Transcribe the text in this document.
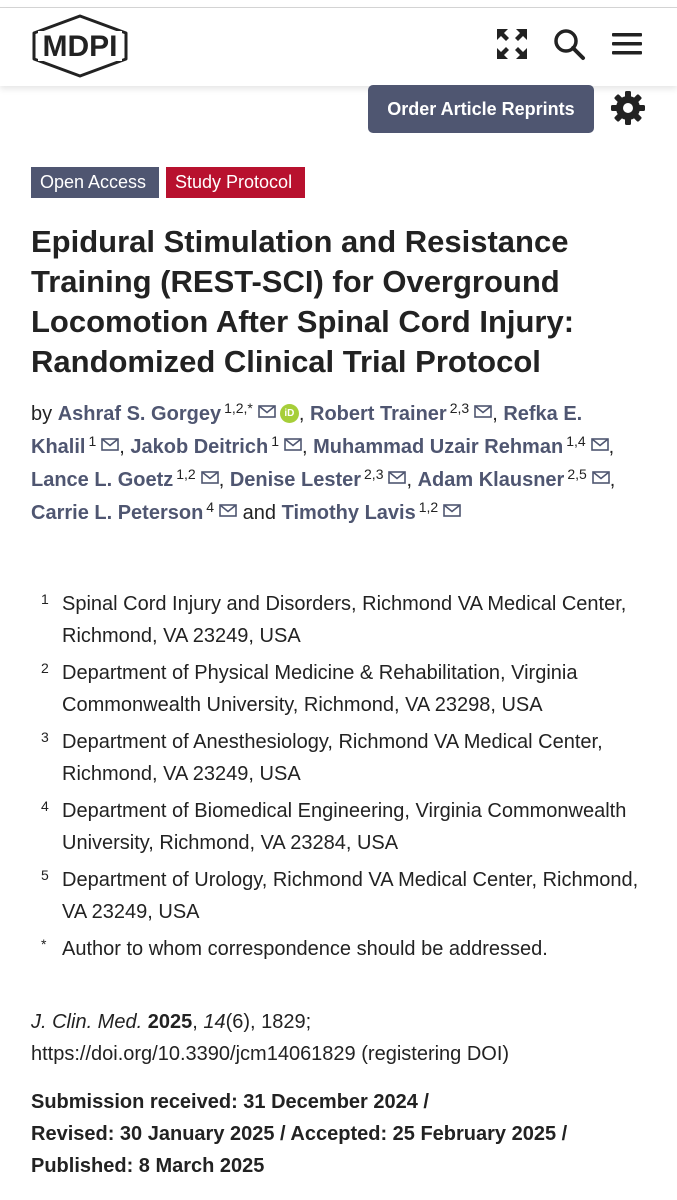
MDPI
Order Article Reprints
Open Access	Study Protocol
Epidural Stimulation and Resistance Training (REST-SCI) for Overground Locomotion After Spinal Cord Injury: Randomized Clinical Trial Protocol

by Ashraf S. Gorgey $^{1,2,*}$	iD , Robert Trainer $^{2,3}$ , Refka E. Khalil $^1$ , Jakob Deitrich $^1$ , Muhammad Uzair Rehman $^{1,4}$ , Lance L. Goetz $^{1,2}$ , Denise Lester $^{2,3}$ , Adam Klausner $^{2,5}$ , Carrie L. Peterson $^4$ and Timothy Lavis $^{1,2}$

1 Spinal Cord Injury and Disorders, Richmond VA Medical Center, Richmond, VA 23249, USA
2 Department of Physical Medicine & Rehabilitation, Virginia Commonwealth University, Richmond, VA 23298, USA
3 Department of Anesthesiology, Richmond VA Medical Center, Richmond, VA 23249, USA
4 Department of Biomedical Engineering, Virginia Commonwealth University, Richmond, VA 23284, USA
5 Department of Urology, Richmond VA Medical Center, Richmond, VA 23249, USA
* Author to whom correspondence should be addressed.
J. Clin. Med. 2025, 14(6), 1829;
https://doi.org/10.3390/jcm14061829 (registering DOI)
Submission received: 31 December 2024 /
Revised: 30 January 2025 / Accepted: 25 February 2025 /
Published: 8 March 2025
